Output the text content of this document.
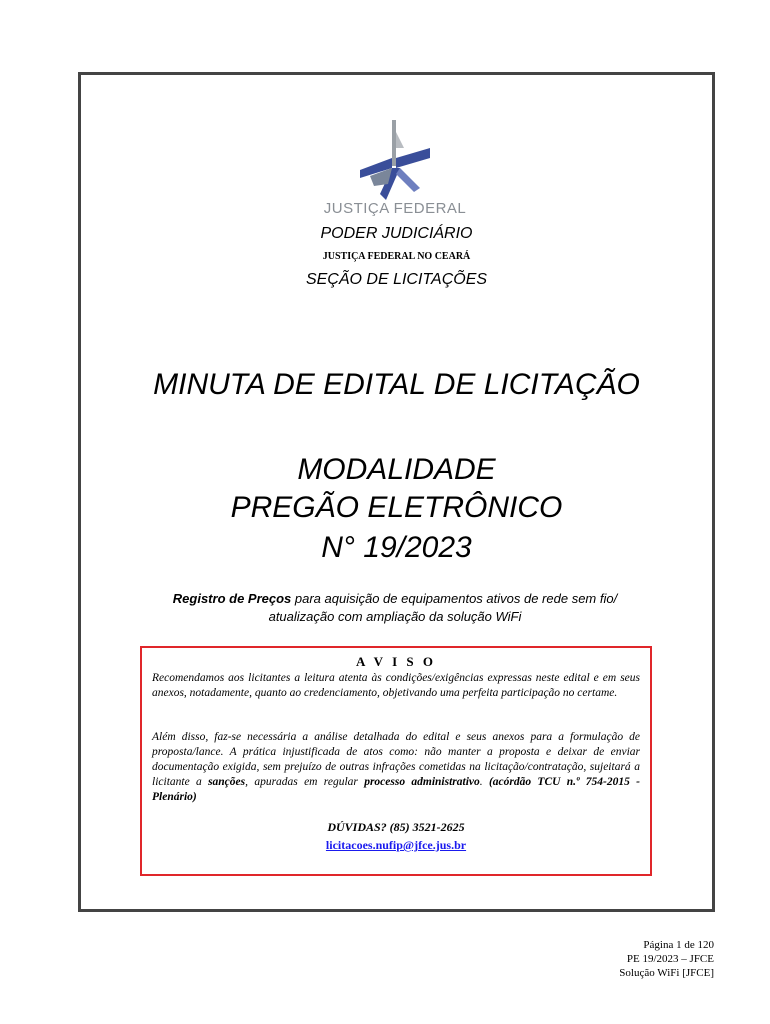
JUSTIÇA FEDERAL
PODER JUDICIÁRIO
JUSTIÇA FEDERAL NO CEARÁ
SEÇÃO DE LICITAÇÕES
MINUTA DE EDITAL DE LICITAÇÃO
MODALIDADE
PREGÃO ELETRÔNICO
N° 19/2023
Registro de Preços para aquisição de equipamentos ativos de rede sem fio/
atualização com ampliação da solução WiFi
A V I S O
Recomendamos aos licitantes a leitura atenta às condições/exigências expressas neste edital e em seus anexos, notadamente, quanto ao credenciamento, objetivando uma perfeita participação no certame.
Além disso, faz-se necessária a análise detalhada do edital e seus anexos para a formulação de proposta/lance. A prática injustificada de atos como: não manter a proposta e deixar de enviar documentação exigida, sem prejuízo de outras infrações cometidas na licitação/contratação, sujeitará a licitante a sanções, apuradas em regular processo administrativo. (acórdão TCU n.º 754-2015 - Plenário)
DÚVIDAS? (85) 3521-2625
licitacoes.nufip@jfce.jus.br
Página 1 de 120
PE 19/2023 – JFCE
Solução WiFi [JFCE]
